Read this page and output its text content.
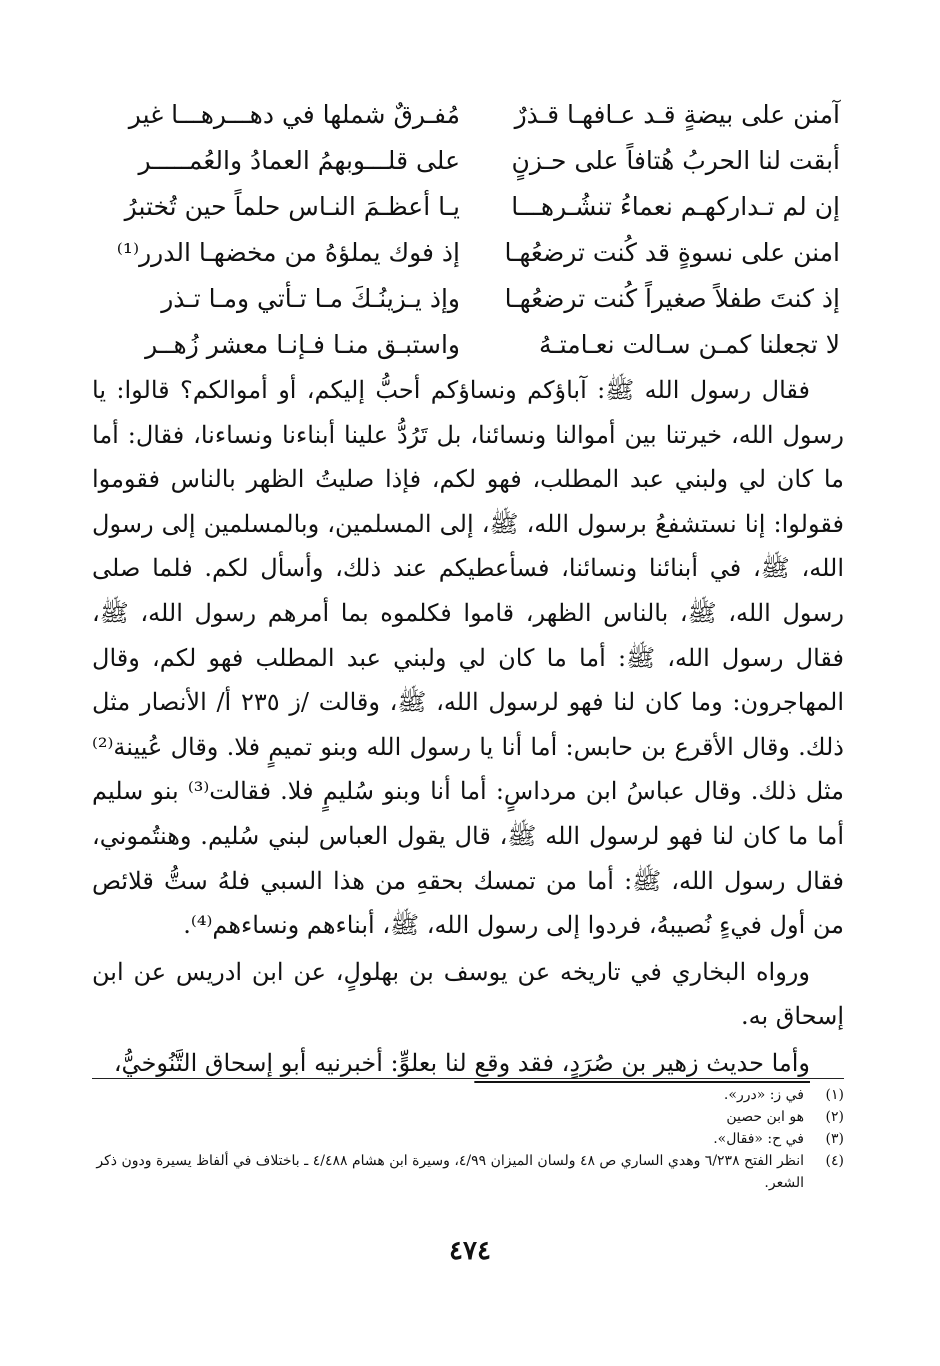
آمنن على بيضةٍ قـد عـافهـا قـذرٌ
مُفـرقٌ شملها في دهـــرهـــا غير
أبقت لنا الحربُ هُتافاً على حـزنٍ
على قلـــوبهمُ العمادُ والعُمـــــر
إن لم تـداركهـم نعماءُ تنشُـرهـــا
يـا أعظـمَ النـاس حلماً حين تُختبرُ
امنن على نسوةٍ قد كُنت ترضعُهـا
إذ فوك يملؤهُ من مخضهـا الدرر⁽¹⁾
إذ كنتَ طفلاً صغيراً كُنت ترضعُهـا
وإذ يـزينُـكَ مـا تـأتي ومـا تـذر
لا تجعلنا كمـن سـالت نعـامتـهُ
واستبـق منـا فـإنـا معشر زُهــر

فقال رسول الله ﷺ: آباؤكم ونساؤكم أحبُّ إليكم، أو أموالكم؟ قالوا: يا رسول الله، خيرتنا بين أموالنا ونسائنا، بل تَرُدُّ علينا أبناءنا ونساءنا، فقال: أما ما كان لي ولبني عبد المطلب، فهو لكم، فإذا صليتُ الظهر بالناس فقوموا فقولوا: إنا نستشفعُ برسول الله، ﷺ، إلى المسلمين، وبالمسلمين إلى رسول الله، ﷺ، في أبنائنا ونسائنا، فسأعطيكم عند ذلك، وأسأل لكم. فلما صلى رسول الله، ﷺ، بالناس الظهر، قاموا فكلموه بما أمرهم رسول الله، ﷺ، فقال رسول الله، ﷺ: أما ما كان لي ولبني عبد المطلب فهو لكم، وقال المهاجرون: وما كان لنا فهو لرسول الله، ﷺ، وقالت /ز ٢٣٥ أ/ الأنصار مثل ذلك. وقال الأقرع بن حابس: أما أنا يا رسول الله وبنو تميمٍ فلا. وقال عُيينة⁽²⁾ مثل ذلك. وقال عباسُ ابن مرداسٍ: أما أنا وبنو سُليمٍ فلا. فقالت⁽³⁾ بنو سليم أما ما كان لنا فهو لرسول الله ﷺ، قال يقول العباس لبني سُليم. وهنتُموني، فقال رسول الله، ﷺ: أما من تمسك بحقهِ من هذا السبي فلهُ ستُّ قلائص من أول فيءٍ نُصيبهُ، فردوا إلى رسول الله، ﷺ، أبناءهم ونساءهم⁽⁴⁾.

ورواه البخاري في تاريخه عن يوسف بن بهلولٍ، عن ابن ادريس عن ابن إسحاق به.

وأما حديث زهير بن صُرَدٍ، فقد وقع لنا بعلوٍّ: أخبرنيه أبو إسحاق التَّنُوخيُّ،

(١)
في ز: «درر».
(٢)
هو ابن حصين
(٣)
في ح: «فقال».
(٤)
انظر الفتح ٦/٢٣٨ وهدي الساري ص ٤٨ ولسان الميزان ٤/٩٩، وسيرة ابن هشام ٤/٤٨٨ ـ باختلاف في ألفاظ يسيرة ودون ذكر الشعر.
٤٧٤
